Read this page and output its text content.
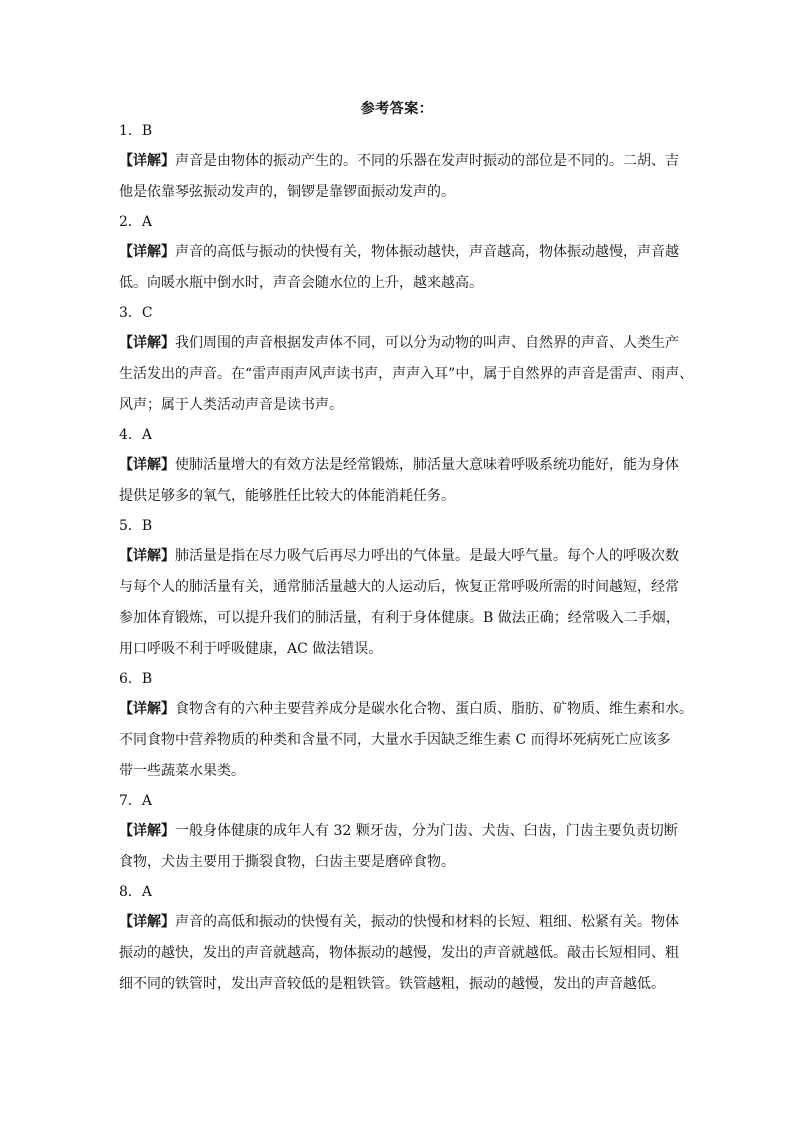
参考答案：
1．B
【详解】声音是由物体的振动产生的。不同的乐器在发声时振动的部位是不同的。二胡、吉
他是依靠琴弦振动发声的，铜锣是靠锣面振动发声的。
2．A
【详解】声音的高低与振动的快慢有关，物体振动越快，声音越高，物体振动越慢，声音越
低。向暖水瓶中倒水时，声音会随水位的上升，越来越高。
3．C
【详解】我们周围的声音根据发声体不同，可以分为动物的叫声、自然界的声音、人类生产
生活发出的声音。在“雷声雨声风声读书声，声声入耳”中，属于自然界的声音是雷声、雨声、
风声；属于人类活动声音是读书声。
4．A
【详解】使肺活量增大的有效方法是经常锻炼，肺活量大意味着呼吸系统功能好，能为身体
提供足够多的氧气，能够胜任比较大的体能消耗任务。
5．B
【详解】肺活量是指在尽力吸气后再尽力呼出的气体量。是最大呼气量。每个人的呼吸次数
与每个人的肺活量有关，通常肺活量越大的人运动后，恢复正常呼吸所需的时间越短，经常
参加体育锻炼，可以提升我们的肺活量，有利于身体健康。B 做法正确；经常吸入二手烟，
用口呼吸不利于呼吸健康，AC 做法错误。
6．B
【详解】食物含有的六种主要营养成分是碳水化合物、蛋白质、脂肪、矿物质、维生素和水。
不同食物中营养物质的种类和含量不同，大量水手因缺乏维生素 C 而得坏死病死亡应该多
带一些蔬菜水果类。
7．A
【详解】一般身体健康的成年人有 32 颗牙齿，分为门齿、犬齿、臼齿，门齿主要负责切断
食物，犬齿主要用于撕裂食物，臼齿主要是磨碎食物。
8．A
【详解】声音的高低和振动的快慢有关，振动的快慢和材料的长短、粗细、松紧有关。物体
振动的越快，发出的声音就越高，物体振动的越慢，发出的声音就越低。敲击长短相同、粗
细不同的铁管时，发出声音较低的是粗铁管。铁管越粗，振动的越慢，发出的声音越低。
